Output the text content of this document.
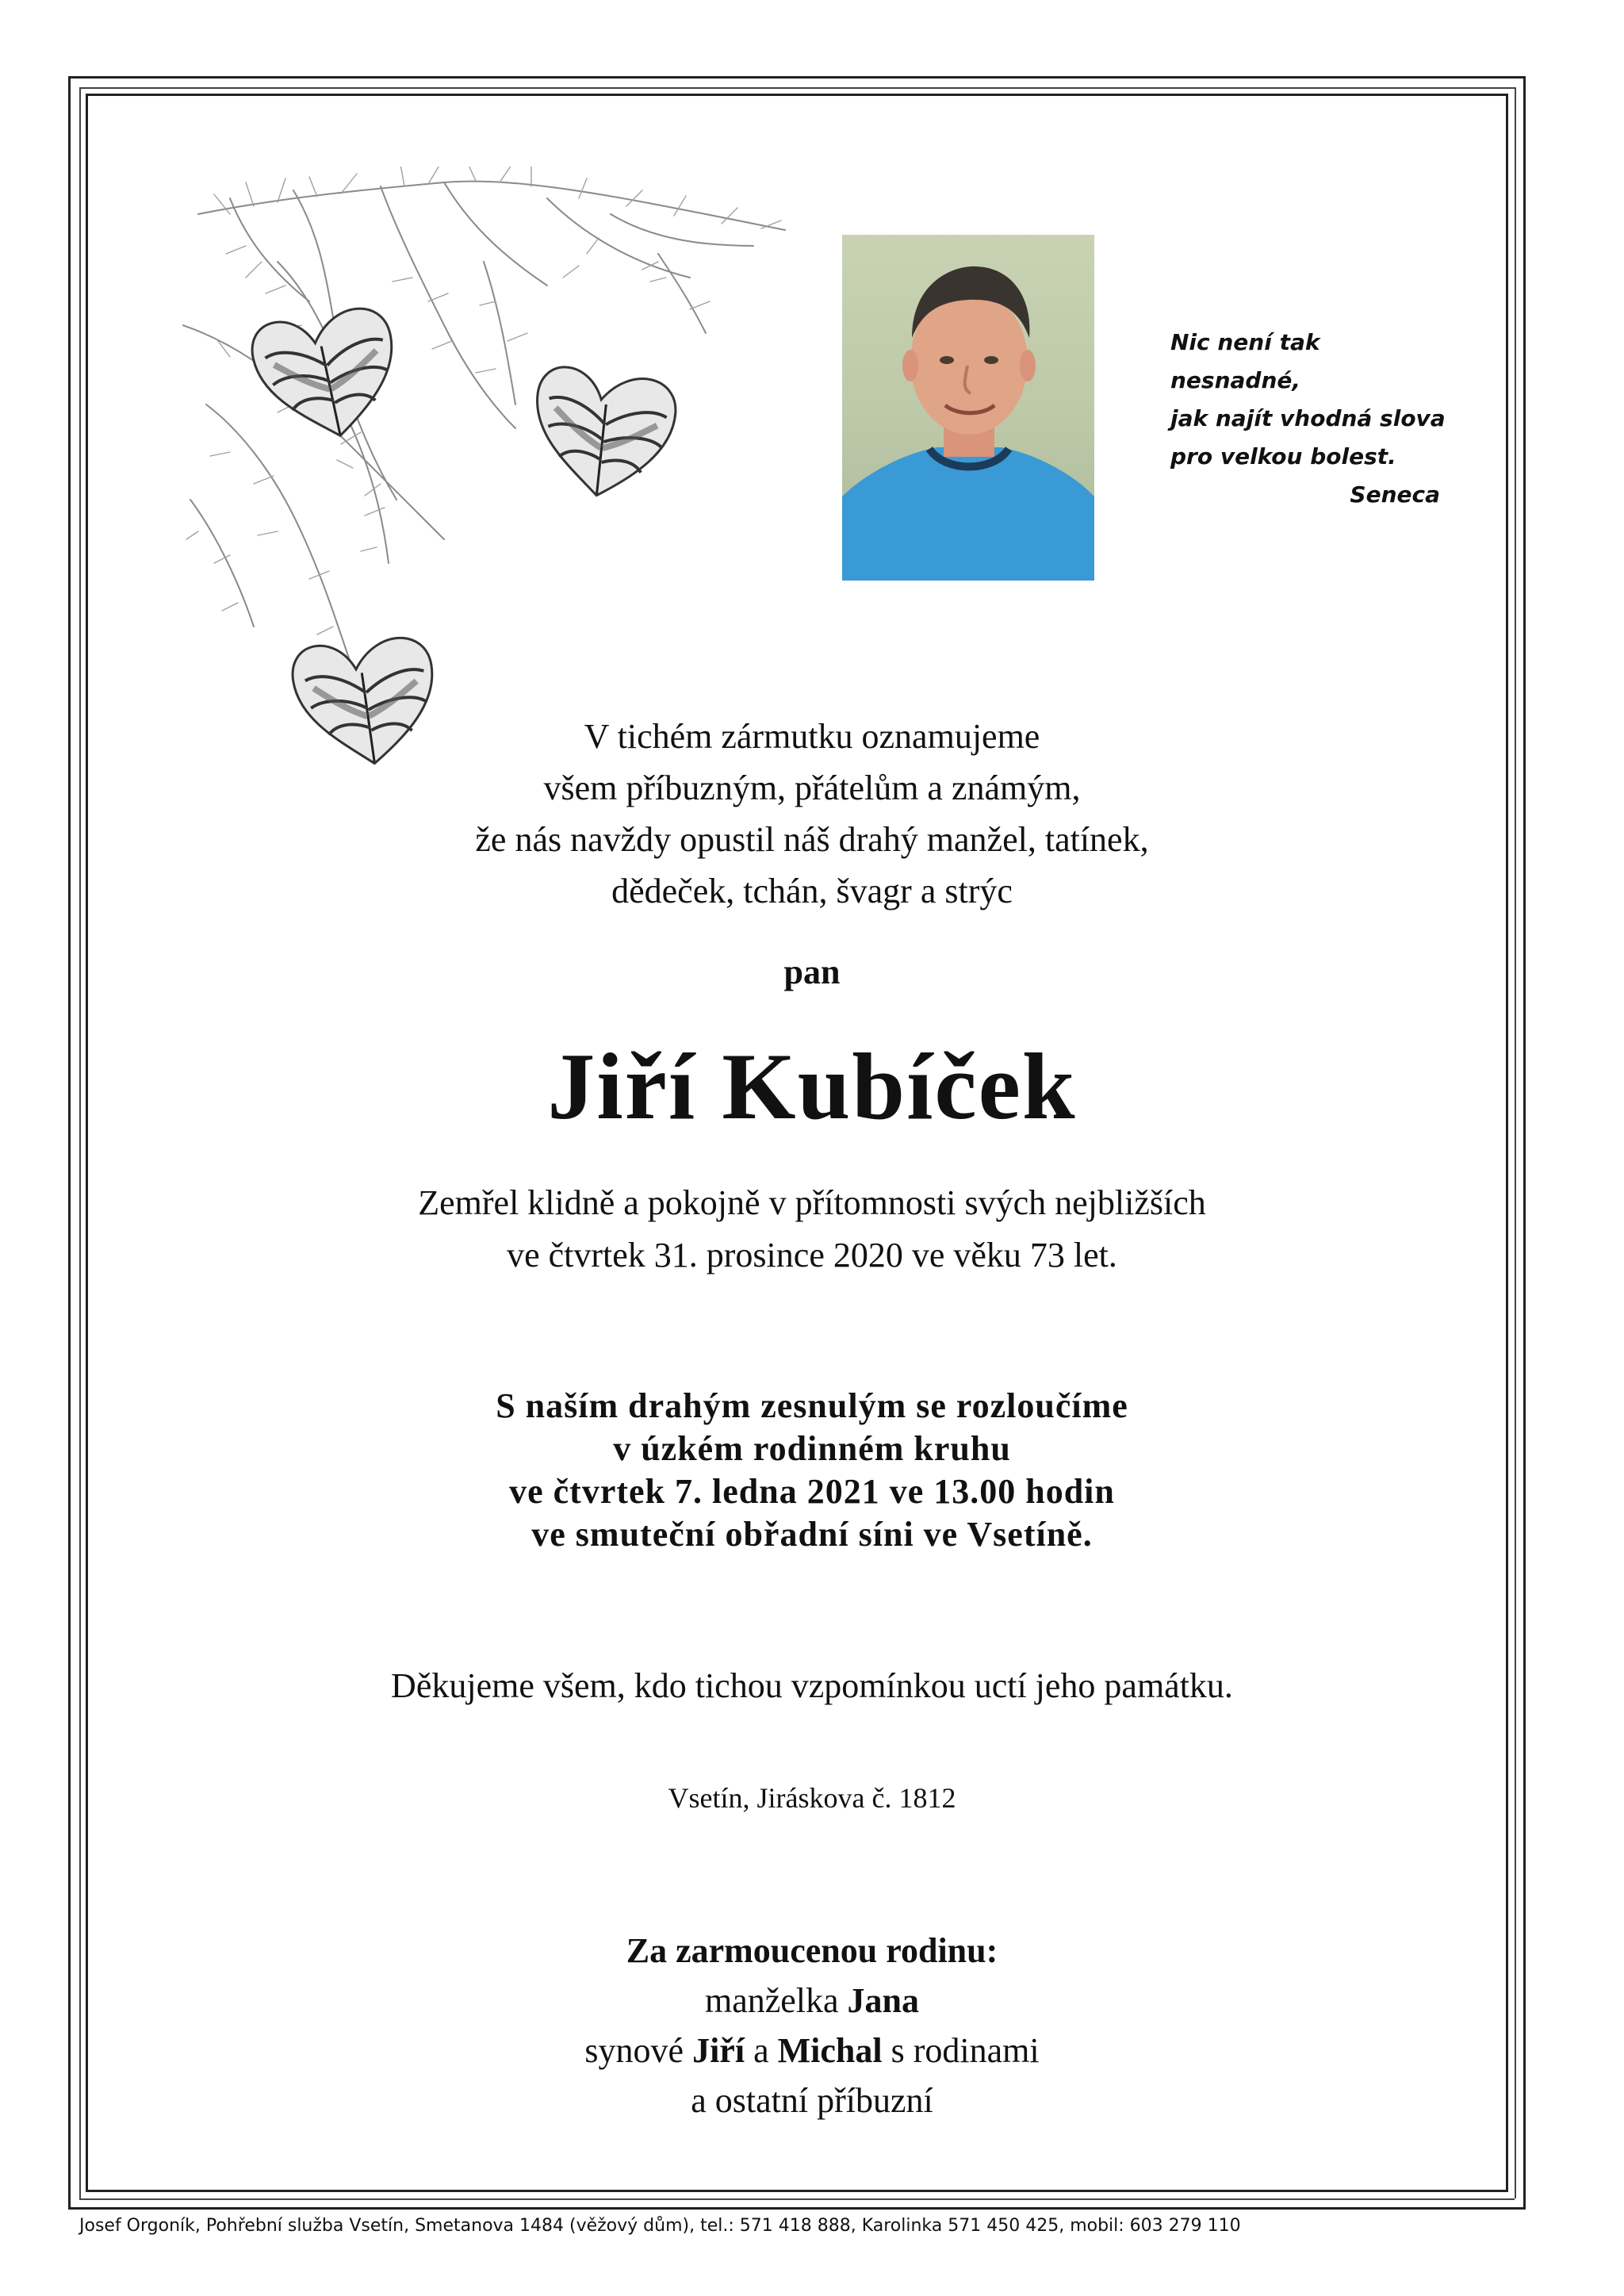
Nic není tak nesnadné,
jak najít vhodná slova
pro velkou bolest.
Seneca
V tichém zármutku oznamujeme
všem příbuzným, přátelům a známým,
že nás navždy opustil náš drahý manžel, tatínek,
dědeček, tchán, švagr a strýc
pan
Jiří Kubíček
Zemřel klidně a pokojně v přítomnosti svých nejbližších
ve čtvrtek 31. prosince 2020 ve věku 73 let.
S naším drahým zesnulým se rozloučíme
v úzkém rodinném kruhu
ve čtvrtek 7. ledna 2021 ve 13.00 hodin
ve smuteční obřadní síni ve Vsetíně.
Děkujeme všem, kdo tichou vzpomínkou uctí jeho památku.
Vsetín, Jiráskova č. 1812
Za zarmoucenou rodinu:
manželka Jana
synové Jiří a Michal s rodinami
a ostatní příbuzní
Josef Orgoník, Pohřební služba Vsetín, Smetanova 1484 (věžový dům), tel.: 571 418 888, Karolinka 571 450 425, mobil: 603 279 110
